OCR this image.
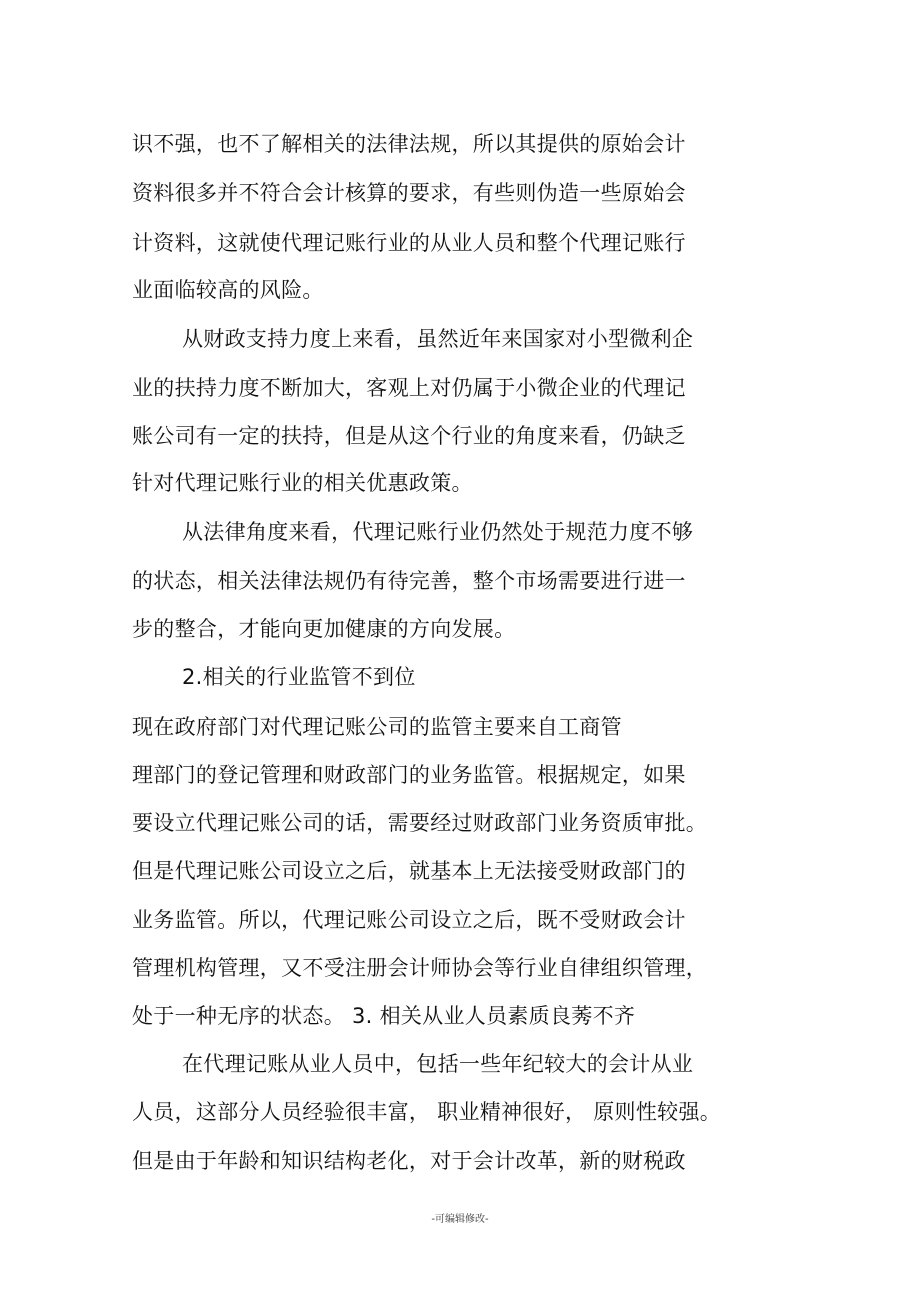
识不强，也不了解相关的法律法规，所以其提供的原始会计
资料很多并不符合会计核算的要求，有些则伪造一些原始会
计资料，这就使代理记账行业的从业人员和整个代理记账行
业面临较高的风险。
从财政支持力度上来看，虽然近年来国家对小型微利企
业的扶持力度不断加大，客观上对仍属于小微企业的代理记
账公司有一定的扶持，但是从这个行业的角度来看，仍缺乏
针对代理记账行业的相关优惠政策。
从法律角度来看，代理记账行业仍然处于规范力度不够
的状态，相关法律法规仍有待完善，整个市场需要进行进一
步的整合，才能向更加健康的方向发展。
2.相关的行业监管不到位
现在政府部门对代理记账公司的监管主要来自工商管
理部门的登记管理和财政部门的业务监管。根据规定，如果
要设立代理记账公司的话，需要经过财政部门业务资质审批。
但是代理记账公司设立之后，就基本上无法接受财政部门的
业务监管。所以，代理记账公司设立之后，既不受财政会计
管理机构管理，又不受注册会计师协会等行业自律组织管理，
处于一种无序的状态。 3. 相关从业人员素质良莠不齐
在代理记账从业人员中，包括一些年纪较大的会计从业
人员，这部分人员经验很丰富， 职业精神很好， 原则性较强。
但是由于年龄和知识结构老化，对于会计改革，新的财税政
-可编辑修改-
